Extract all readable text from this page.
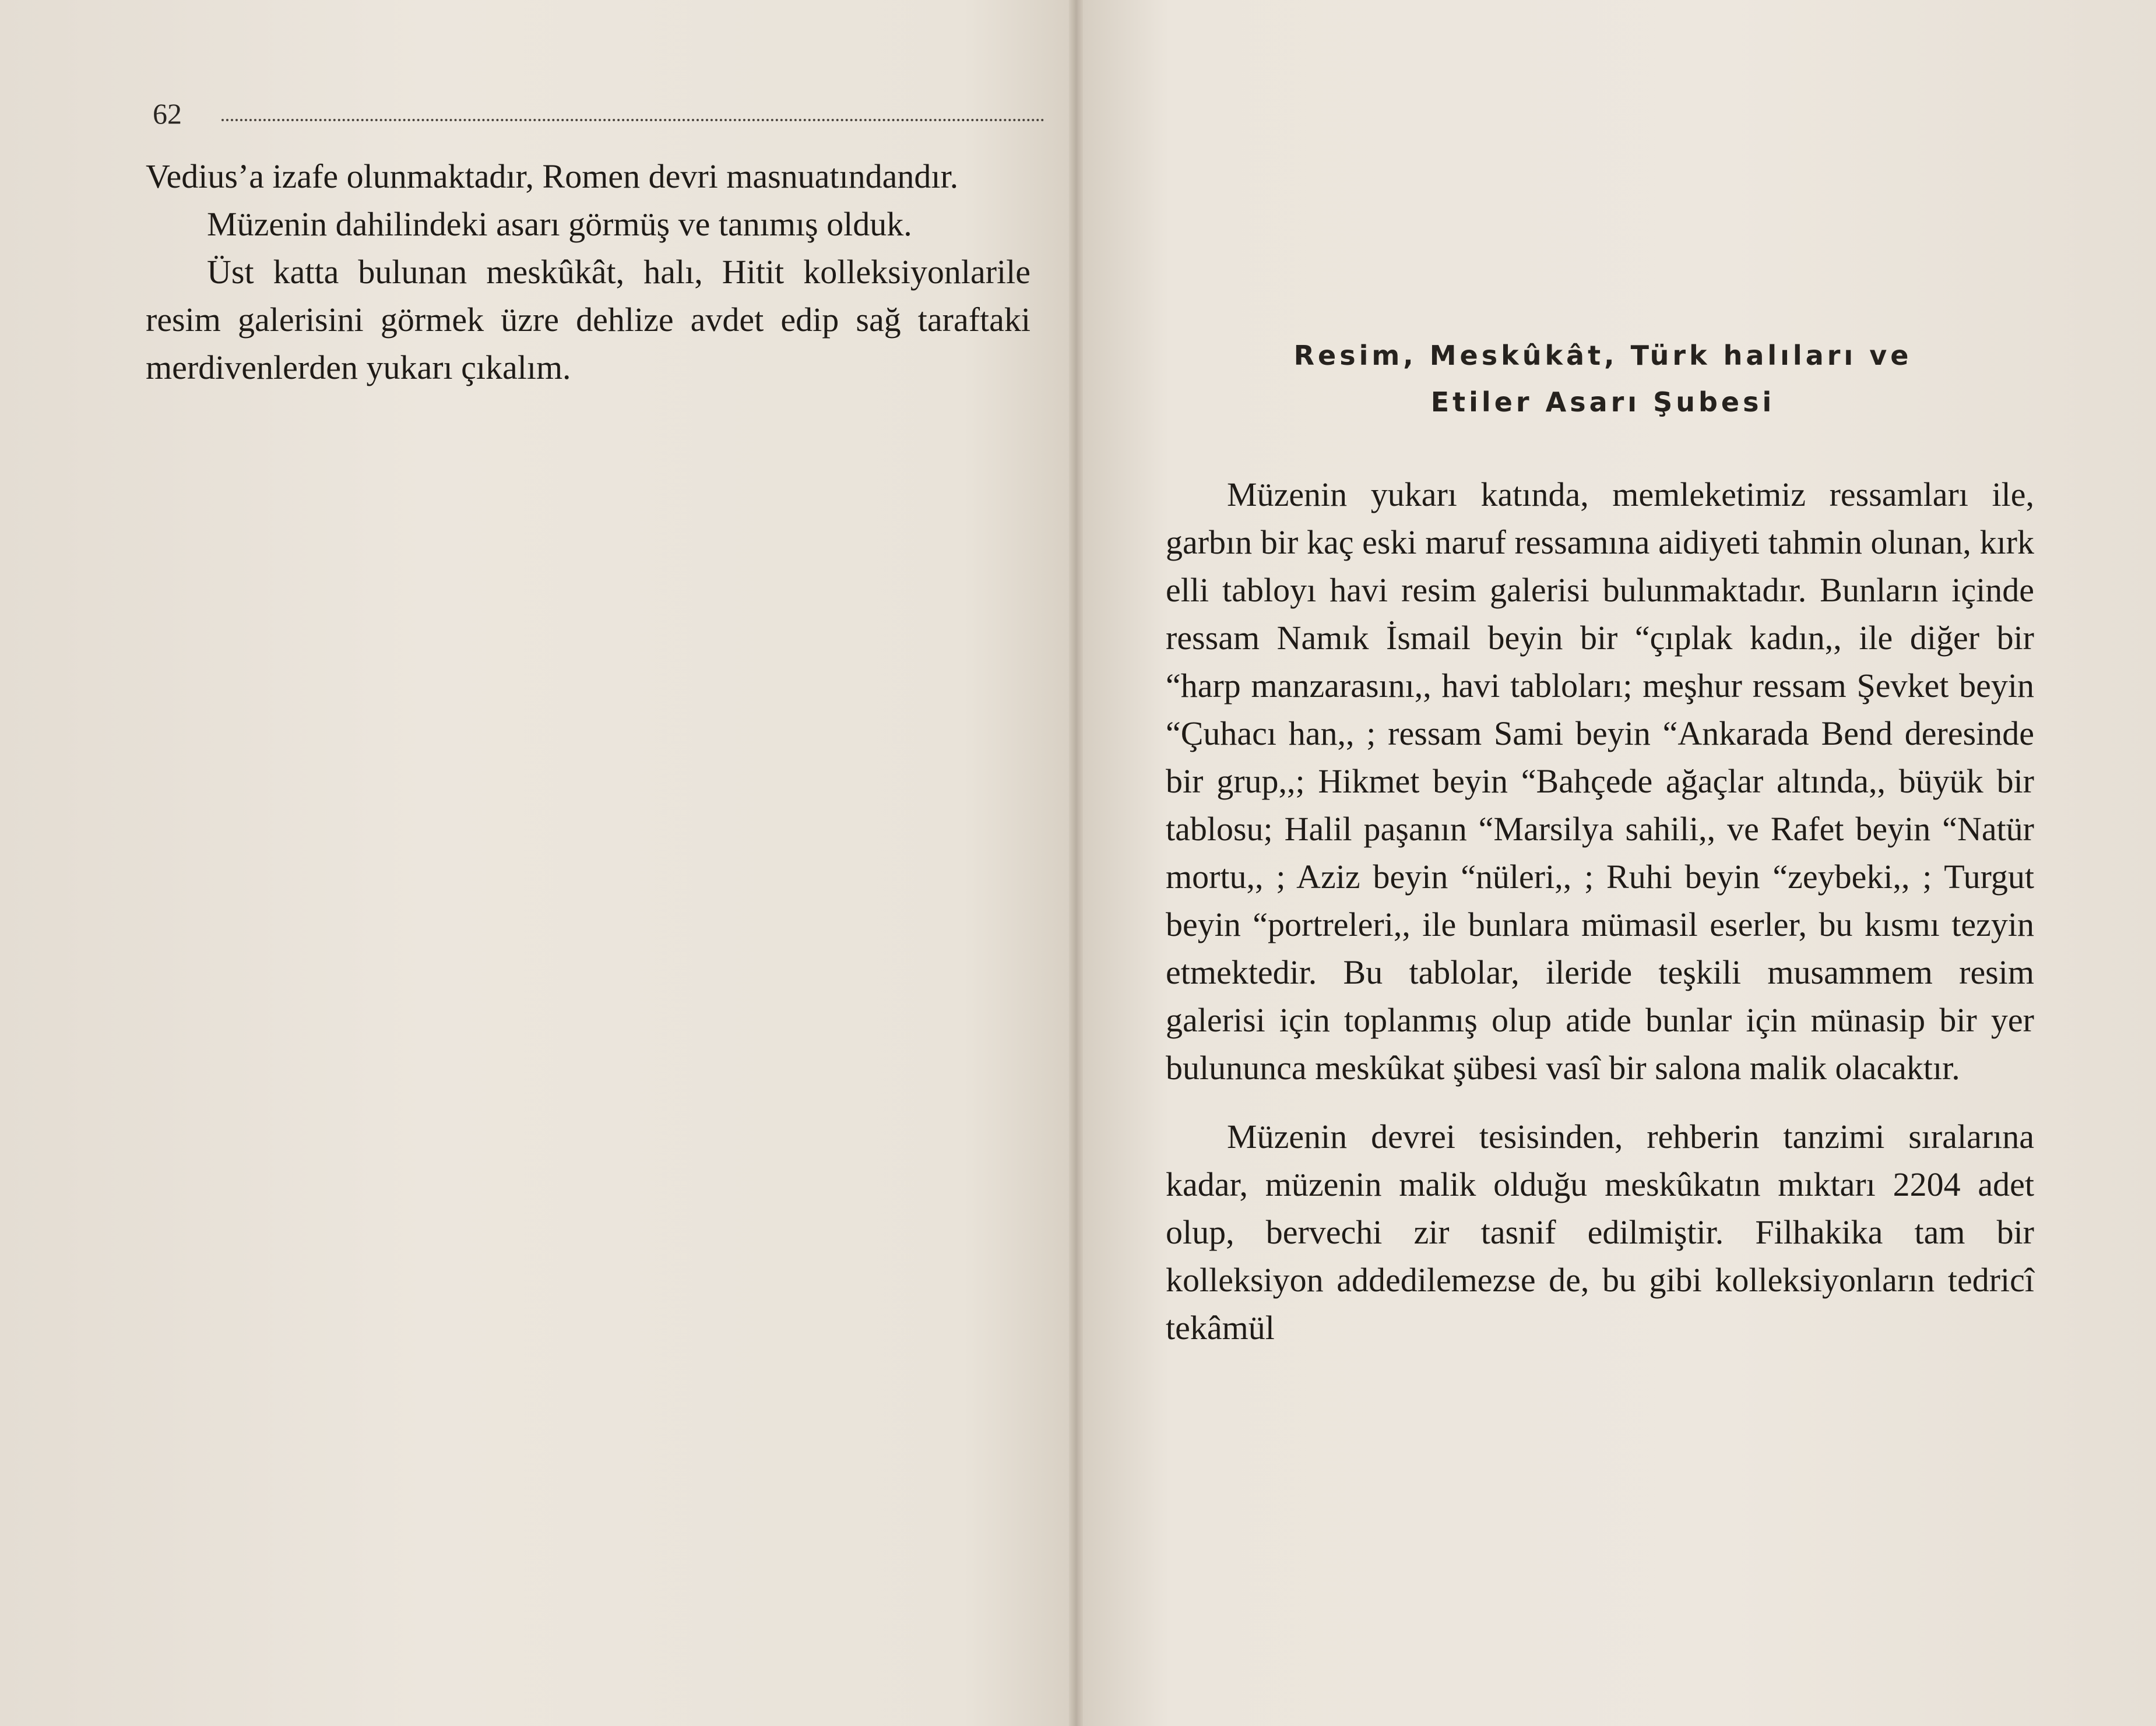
62

Vedius’a izafe olunmaktadır, Romen devri masnuatındandır.

Müzenin dahilindeki asarı görmüş ve tanımış olduk.

Üst katta bulunan meskûkât, halı, Hitit kolleksiyonlarile resim galerisini görmek üzre dehlize avdet edip sağ taraftaki merdivenlerden yukarı çıkalım.	Resim, Meskûkât, Türk halıları ve
Etiler Asarı Şubesi

Müzenin yukarı katında, memleketimiz ressamları ile, garbın bir kaç eski maruf ressamına aidiyeti tahmin olunan, kırk elli tabloyı havi resim galerisi bulunmaktadır. Bunların içinde ressam Namık İsmail beyin bir “çıplak kadın,, ile diğer bir “harp manzarasını,, havi tabloları; meşhur ressam Şevket beyin “Çuhacı han,, ; ressam Sami beyin “Ankarada Bend deresinde bir grup,,; Hikmet beyin “Bahçede ağaçlar altında,, büyük bir tablosu; Halil paşanın “Marsilya sahili,, ve Rafet beyin “Natür mortu,, ; Aziz beyin “nüleri,, ; Ruhi beyin “zeybeki,, ; Turgut beyin “portreleri,, ile bunlara mümasil eserler, bu kısmı tezyin etmektedir. Bu tablolar, ileride teşkili musammem resim galerisi için toplanmış olup atide bunlar için münasip bir yer bulununca meskûkat şübesi vasî bir salona malik olacaktır.

Müzenin devrei tesisinden, rehberin tanzimi sıralarına kadar, müzenin malik olduğu meskûkatın mıktarı 2204 adet olup, bervechi zir tasnif edilmiştir. Filhakika tam bir kolleksiyon addedilemezse de, bu gibi kolleksiyonların tedricî tekâmül
